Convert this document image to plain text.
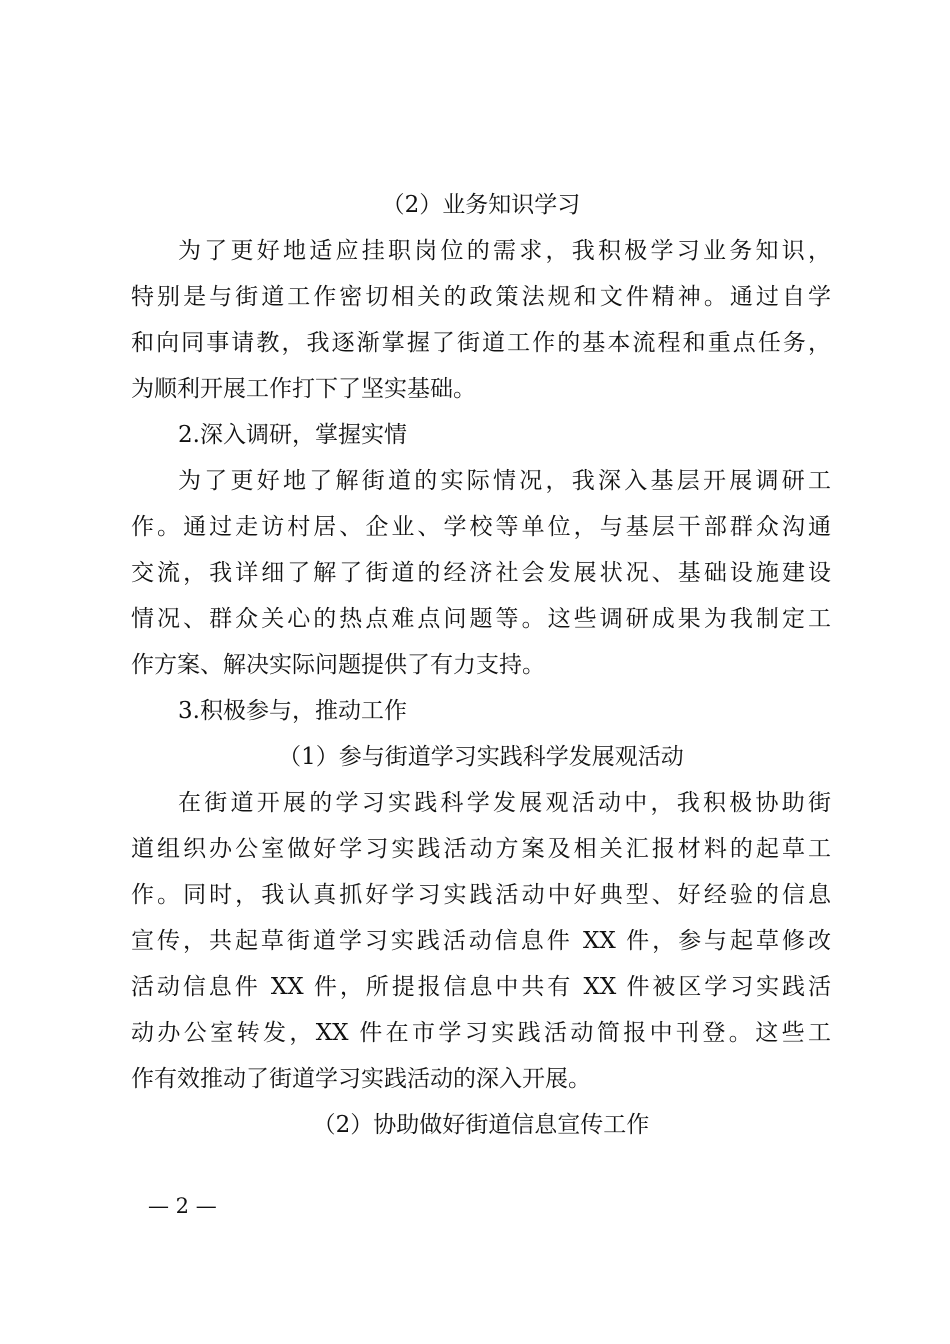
（2）业务知识学习
为了更好地适应挂职岗位的需求，我积极学习业务知识，
特别是与街道工作密切相关的政策法规和文件精神。通过自学
和向同事请教，我逐渐掌握了街道工作的基本流程和重点任务，
为顺利开展工作打下了坚实基础。
2.深入调研，掌握实情
为了更好地了解街道的实际情况，我深入基层开展调研工
作。通过走访村居、企业、学校等单位，与基层干部群众沟通
交流，我详细了解了街道的经济社会发展状况、基础设施建设
情况、群众关心的热点难点问题等。这些调研成果为我制定工
作方案、解决实际问题提供了有力支持。
3.积极参与，推动工作
（1）参与街道学习实践科学发展观活动
在街道开展的学习实践科学发展观活动中，我积极协助街
道组织办公室做好学习实践活动方案及相关汇报材料的起草工
作。同时，我认真抓好学习实践活动中好典型、好经验的信息
宣传，共起草街道学习实践活动信息件 XX 件，参与起草修改
活动信息件 XX 件，所提报信息中共有 XX 件被区学习实践活
动办公室转发，XX 件在市学习实践活动简报中刊登。这些工
作有效推动了街道学习实践活动的深入开展。
（2）协助做好街道信息宣传工作
— 2 —
